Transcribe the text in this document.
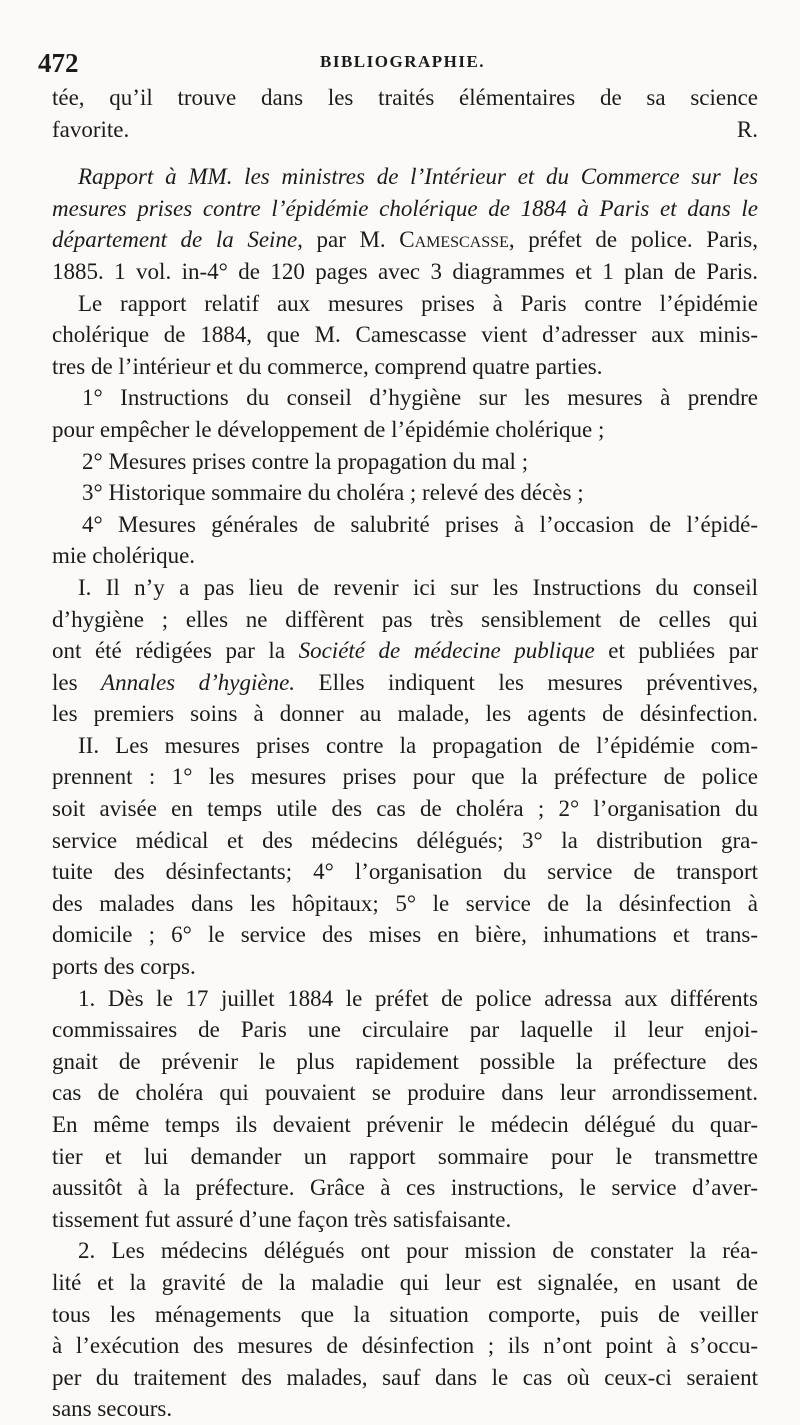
472	BIBLIOGRAPHIE.
tée, qu’il trouve dans les traités élémentaires de sa science
R.
favorite.
Rapport à MM. les ministres de l’Intérieur et du Commerce sur les
mesures prises contre l’épidémie cholérique de 1884 à Paris et dans le
département de la Seine, par M. Camescasse, préfet de police. Paris,
1885. 1 vol. in-4° de 120 pages avec 3 diagrammes et 1 plan de Paris.
Le rapport relatif aux mesures prises à Paris contre l’épidémie
cholérique de 1884, que M. Camescasse vient d’adresser aux minis-
tres de l’intérieur et du commerce, comprend quatre parties.
1° Instructions du conseil d’hygiène sur les mesures à prendre
pour empêcher le développement de l’épidémie cholérique ;
2° Mesures prises contre la propagation du mal ;
3° Historique sommaire du choléra ; relevé des décès ;
4° Mesures générales de salubrité prises à l’occasion de l’épidé-
mie cholérique.
I. Il n’y a pas lieu de revenir ici sur les Instructions du conseil
d’hygiène ; elles ne diffèrent pas très sensiblement de celles qui
ont été rédigées par la Société de médecine publique et publiées par
les Annales d’hygiène. Elles indiquent les mesures préventives,
les premiers soins à donner au malade, les agents de désinfection.
II. Les mesures prises contre la propagation de l’épidémie com-
prennent : 1° les mesures prises pour que la préfecture de police
soit avisée en temps utile des cas de choléra ; 2° l’organisation du
service médical et des médecins délégués; 3° la distribution gra-
tuite des désinfectants; 4° l’organisation du service de transport
des malades dans les hôpitaux; 5° le service de la désinfection à
domicile ; 6° le service des mises en bière, inhumations et trans-
ports des corps.
1. Dès le 17 juillet 1884 le préfet de police adressa aux différents
commissaires de Paris une circulaire par laquelle il leur enjoi-
gnait de prévenir le plus rapidement possible la préfecture des
cas de choléra qui pouvaient se produire dans leur arrondissement.
En même temps ils devaient prévenir le médecin délégué du quar-
tier et lui demander un rapport sommaire pour le transmettre
aussitôt à la préfecture. Grâce à ces instructions, le service d’aver-
tissement fut assuré d’une façon très satisfaisante.
2. Les médecins délégués ont pour mission de constater la réa-
lité et la gravité de la maladie qui leur est signalée, en usant de
tous les ménagements que la situation comporte, puis de veiller
à l’exécution des mesures de désinfection ; ils n’ont point à s’occu-
per du traitement des malades, sauf dans le cas où ceux-ci seraient
sans secours.
